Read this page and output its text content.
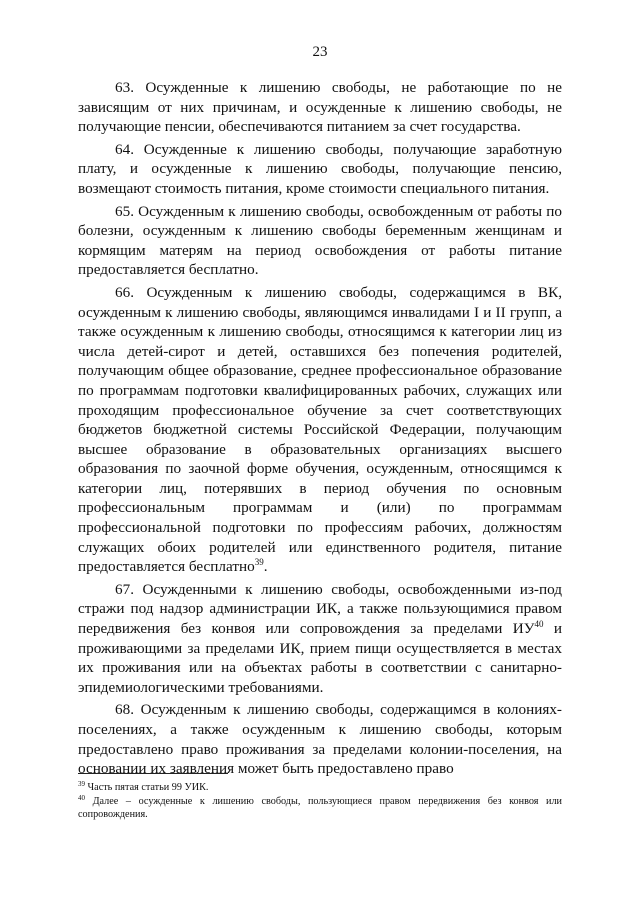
23

63. Осужденные к лишению свободы, не работающие по не зависящим от них причинам, и осужденные к лишению свободы, не получающие пенсии, обеспечиваются питанием за счет государства.

64. Осужденные к лишению свободы, получающие заработную плату, и осужденные к лишению свободы, получающие пенсию, возмещают стоимость питания, кроме стоимости специального питания.

65. Осужденным к лишению свободы, освобожденным от работы по болезни, осужденным к лишению свободы беременным женщинам и кормящим матерям на период освобождения от работы питание предоставляется бесплатно.

66. Осужденным к лишению свободы, содержащимся в ВК, осужденным к лишению свободы, являющимся инвалидами I и II групп, а также осужденным к лишению свободы, относящимся к категории лиц из числа детей-сирот и детей, оставшихся без попечения родителей, получающим общее образование, среднее профессиональное образование по программам подготовки квалифицированных рабочих, служащих или проходящим профессиональное обучение за счет соответствующих бюджетов бюджетной системы Российской Федерации, получающим высшее образование в образовательных организациях высшего образования по заочной форме обучения, осужденным, относящимся к категории лиц, потерявших в период обучения по основным профессиональным программам и (или) по программам профессиональной подготовки по профессиям рабочих, должностям служащих обоих родителей или единственного родителя, питание предоставляется бесплатно$^{39}$.

67. Осужденными к лишению свободы, освобожденными из-под стражи под надзор администрации ИК, а также пользующимися правом передвижения без конвоя или сопровождения за пределами ИУ$^{40}$ и проживающими за пределами ИК, прием пищи осуществляется в местах их проживания или на объектах работы в соответствии с санитарно-эпидемиологическими требованиями.

68. Осужденным к лишению свободы, содержащимся в колониях-поселениях, а также осужденным к лишению свободы, которым предоставлено право проживания за пределами колонии-поселения, на основании их заявления может быть предоставлено право

$^{39}$ Часть пятая статьи 99 УИК.

$^{40}$ Далее – осужденные к лишению свободы, пользующиеся правом передвижения без конвоя или сопровождения.
